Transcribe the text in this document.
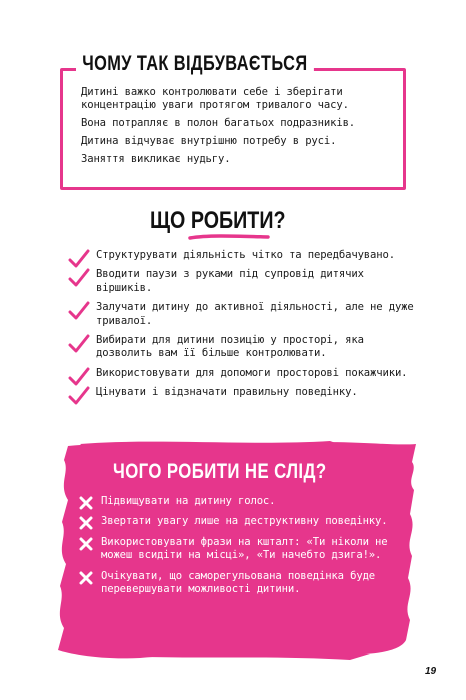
ЧОМУ ТАК ВІДБУВАЄТЬСЯ
Дитині важко контролювати себе і зберігати концентрацію уваги протягом тривалого часу.
Вона потрапляє в полон багатьох подразників.
Дитина відчуває внутрішню потребу в русі.
Заняття викликає нудьгу.
ЩО РОБИТИ?
Структурувати діяльність чітко та передбачувано.
Вводити паузи з руками під супровід дитячих віршиків.
Залучати дитину до активної діяльності, але не дуже тривалої.
Вибирати для дитини позицію у просторі, яка дозволить вам її більше контролювати.
Використовувати для допомоги просторові покажчики.
Цінувати і відзначати правильну поведінку.
ЧОГО РОБИТИ НЕ СЛІД?
Підвищувати на дитину голос.
Звертати увагу лише на деструктивну поведінку.
Використовувати фрази на кшталт: «Ти ніколи не можеш всидіти на місці», «Ти начебто дзига!».
Очікувати, що саморегульована поведінка буде перевершувати можливості дитини.
19
